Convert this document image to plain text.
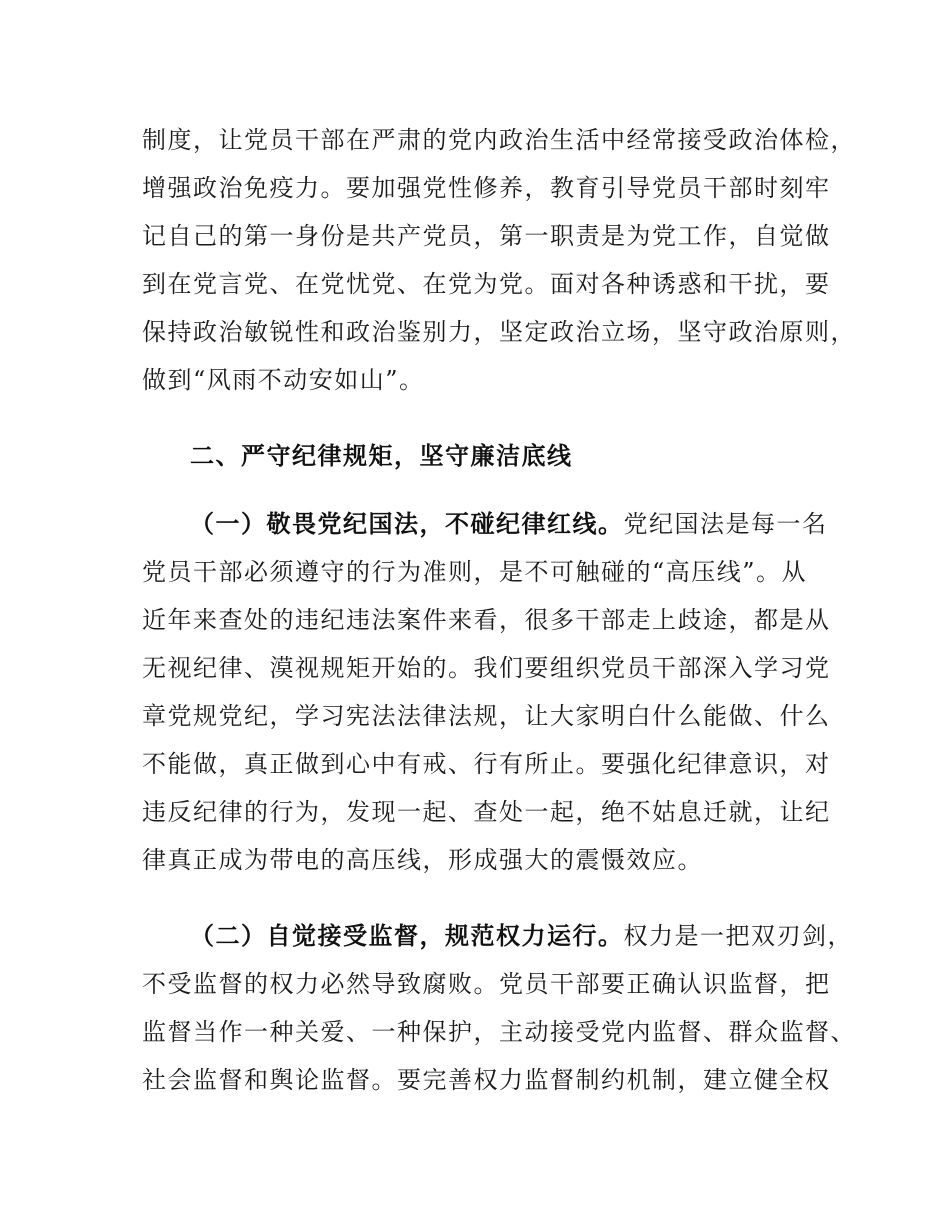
制度，让党员干部在严肃的党内政治生活中经常接受政治体检，
增强政治免疫力。要加强党性修养，教育引导党员干部时刻牢
记自己的第一身份是共产党员，第一职责是为党工作，自觉做
到在党言党、在党忧党、在党为党。面对各种诱惑和干扰，要
保持政治敏锐性和政治鉴别力，坚定政治立场，坚守政治原则，
做到“风雨不动安如山”。
二、严守纪律规矩，坚守廉洁底线
（一）敬畏党纪国法，不碰纪律红线。党纪国法是每一名
党员干部必须遵守的行为准则，是不可触碰的“高压线”。从
近年来查处的违纪违法案件来看，很多干部走上歧途，都是从
无视纪律、漠视规矩开始的。我们要组织党员干部深入学习党
章党规党纪，学习宪法法律法规，让大家明白什么能做、什么
不能做，真正做到心中有戒、行有所止。要强化纪律意识，对
违反纪律的行为，发现一起、查处一起，绝不姑息迁就，让纪
律真正成为带电的高压线，形成强大的震慑效应。
（二）自觉接受监督，规范权力运行。权力是一把双刃剑，
不受监督的权力必然导致腐败。党员干部要正确认识监督，把
监督当作一种关爱、一种保护，主动接受党内监督、群众监督、
社会监督和舆论监督。要完善权力监督制约机制，建立健全权
